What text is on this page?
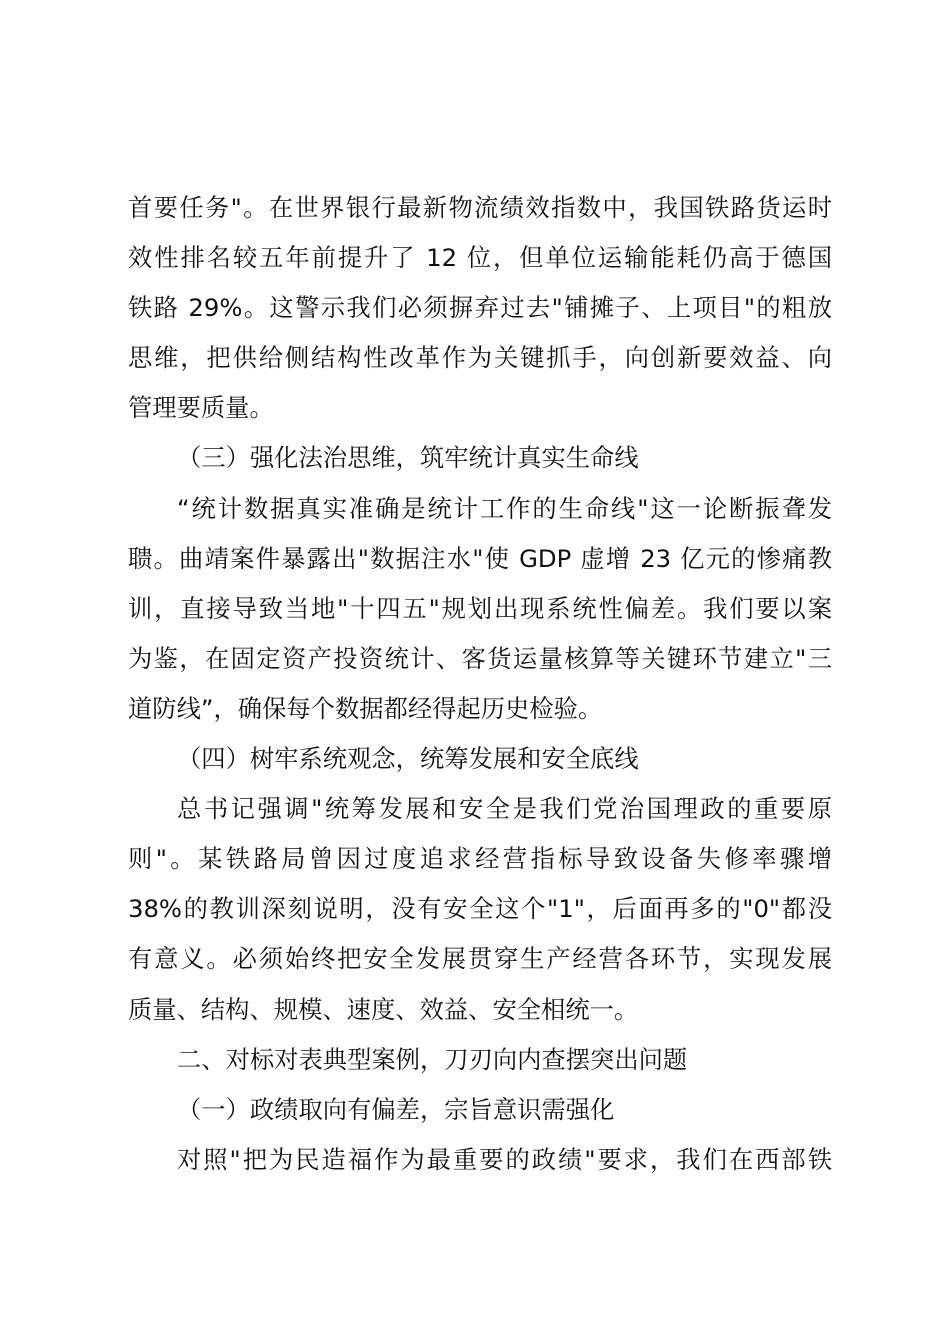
首要任务"。在世界银行最新物流绩效指数中，我国铁路货运时
效性排名较五年前提升了 12 位，但单位运输能耗仍高于德国
铁路 29%。这警示我们必须摒弃过去"铺摊子、上项目"的粗放
思维，把供给侧结构性改革作为关键抓手，向创新要效益、向
管理要质量。
（三）强化法治思维，筑牢统计真实生命线
“统计数据真实准确是统计工作的生命线"这一论断振聋发
聩。曲靖案件暴露出"数据注水"使 GDP 虚增 23 亿元的惨痛教
训，直接导致当地"十四五"规划出现系统性偏差。我们要以案
为鉴，在固定资产投资统计、客货运量核算等关键环节建立"三
道防线”，确保每个数据都经得起历史检验。
（四）树牢系统观念，统筹发展和安全底线
总书记强调"统筹发展和安全是我们党治国理政的重要原
则"。某铁路局曾因过度追求经营指标导致设备失修率骤增
38%的教训深刻说明，没有安全这个"1"，后面再多的"0"都没
有意义。必须始终把安全发展贯穿生产经营各环节，实现发展
质量、结构、规模、速度、效益、安全相统一。
二、对标对表典型案例，刀刃向内查摆突出问题
（一）政绩取向有偏差，宗旨意识需强化
对照"把为民造福作为最重要的政绩"要求，我们在西部铁
